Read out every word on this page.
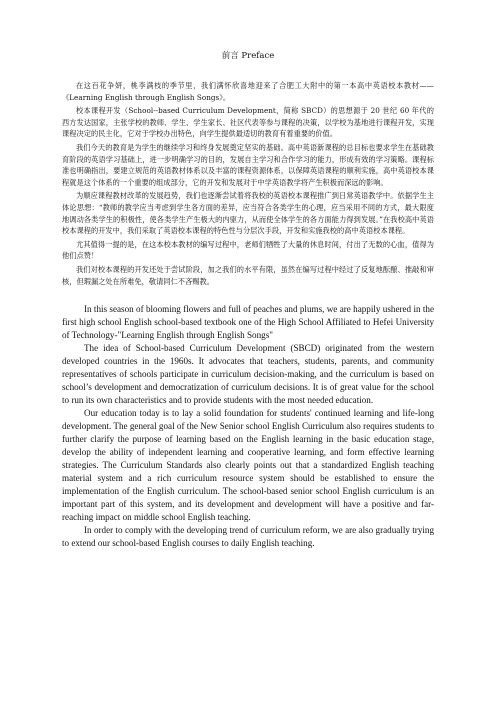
前言 Preface

在这百花争妍，桃李满枝的季节里，我们满怀欣喜地迎来了合肥工大附中的第一本高中英语校本教材——《Learning English through English Songs》。

校本课程开发（School--based Curriculum Development，简称 SBCD）的思想源于 20 世纪 60 年代的西方发达国家，主张学校的教师、学生、学生家长、社区代表等参与课程的决策，以学校为基地进行课程开发，实现课程决定的民主化，它对于学校办出特色，向学生提供最适切的教育有着重要的价值。

我们今天的教育是为学生的继续学习和终身发展奠定坚实的基础。高中英语新课程的总目标也要求学生在基础教育阶段的英语学习基础上，进一步明确学习的目的，发展自主学习和合作学习的能力，形成有效的学习策略。课程标准也明确指出，要建立规范的英语教材体系以及丰富的课程资源体系，以保障英语课程的顺利实施，高中英语校本课程就是这个体系的一个重要的组成部分，它的开发和发展对于中学英语教学将产生积极而深远的影响。

为顺应课程教材改革的发展趋势，我们也逐渐尝试着将我校的英语校本课程推广到日常英语教学中。依据学生主体论思想：“教师的教学应当考虑到学生各方面的差异，应当符合各类学生的心理，应当采用不同的方式，最大限度地调动各类学生的积极性，使各类学生产生极大的内驱力，从而使全体学生的各方面能力得到发展。”在我校高中英语校本课程的开发中，我们采取了英语校本课程的特色性与分层次手段，开发和实施我校的高中英语校本课程。

尤其值得一提的是，在这本校本教材的编写过程中，老师们牺牲了大量的休息时间，付出了无数的心血，值得为他们点赞！

我们对校本课程的开发还处于尝试阶段，加之我们的水平有限，虽然在编写过程中经过了反复地酝酿、推敲和审核，但瑕漏之处在所难免，敬请同仁不吝赐教。

In this season of blooming flowers and full of peaches and plums, we are happily ushered in the first high school English school-based textbook one of the High School Affiliated to Hefei University of Technology-"Learning English through English Songs"

The idea of School-based Curriculum Development (SBCD) originated from the western developed countries in the 1960s. It advocates that teachers, students, parents, and community representatives of schools participate in curriculum decision-making, and the curriculum is based on school’s development and democratization of curriculum decisions. It is of great value for the school to run its own characteristics and to provide students with the most needed education.

Our education today is to lay a solid foundation for students' continued learning and life-long development. The general goal of the New Senior school English Curriculum also requires students to further clarify the purpose of learning based on the English learning in the basic education stage, develop the ability of independent learning and cooperative learning, and form effective learning strategies. The Curriculum Standards also clearly points out that a standardized English teaching material system and a rich curriculum resource system should be established to ensure the implementation of the English curriculum. The school-based senior school English curriculum is an important part of this system, and its development and development will have a positive and far-reaching impact on middle school English teaching.

In order to comply with the developing trend of curriculum reform, we are also gradually trying to extend our school-based English courses to daily English teaching.
